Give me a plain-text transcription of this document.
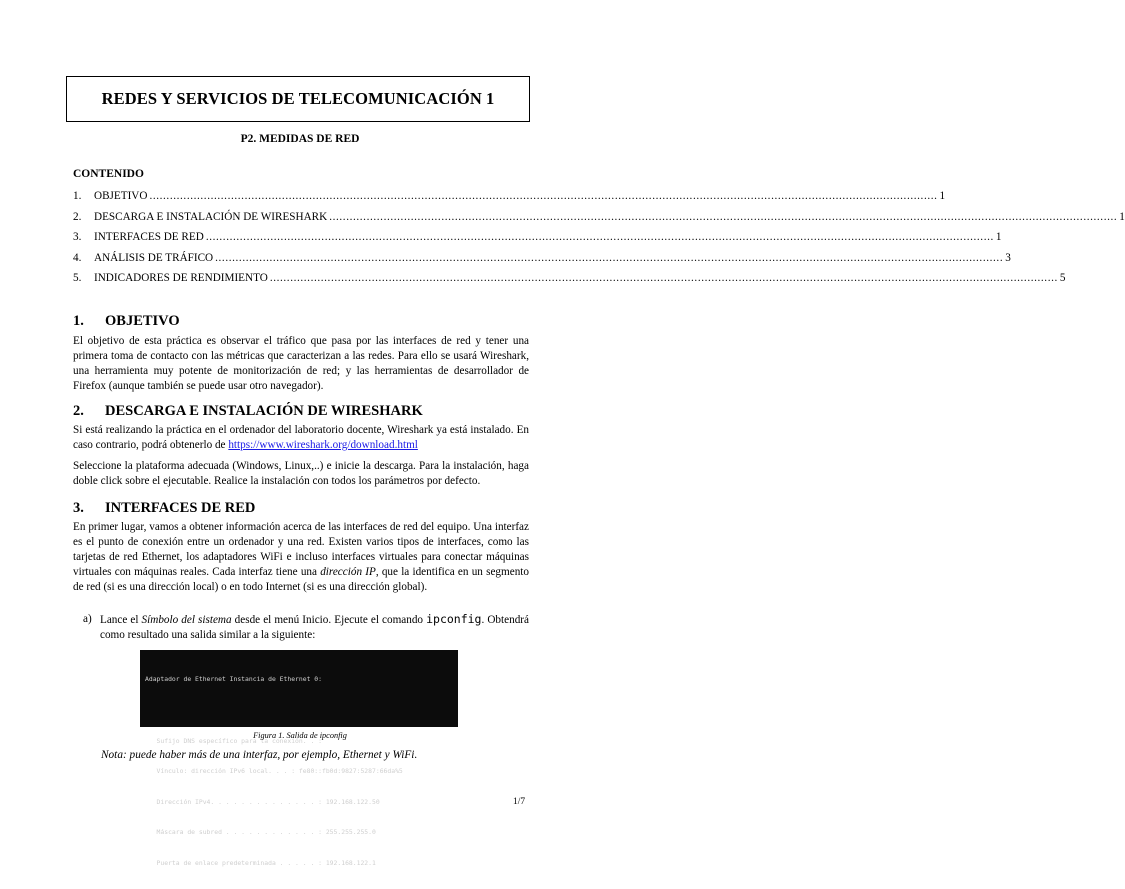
REDES Y SERVICIOS DE TELECOMUNICACIÓN 1
P2. MEDIDAS DE RED
CONTENIDO
1.	OBJETIVO .....	1
2.	DESCARGA E INSTALACIÓN DE WIRESHARK .....	1
3.	INTERFACES DE RED .....	1
4.	ANÁLISIS DE TRÁFICO .....	3
5.	INDICADORES DE RENDIMIENTO .....	5
1.	OBJETIVO

El objetivo de esta práctica es observar el tráfico que pasa por las interfaces de red y tener una primera toma de contacto con las métricas que caracterizan a las redes. Para ello se usará Wireshark, una herramienta muy potente de monitorización de red; y las herramientas de desarrollador de Firefox (aunque también se puede usar otro navegador).

2.	DESCARGA E INSTALACIÓN DE WIRESHARK

Si está realizando la práctica en el ordenador del laboratorio docente, Wireshark ya está instalado. En caso contrario, podrá obtenerlo de https://www.wireshark.org/download.html

Seleccione la plataforma adecuada (Windows, Linux,..) e inicie la descarga. Para la instalación, haga doble click sobre el ejecutable. Realice la instalación con todos los parámetros por defecto.

3.	INTERFACES DE RED

En primer lugar, vamos a obtener información acerca de las interfaces de red del equipo. Una interfaz es el punto de conexión entre un ordenador y una red. Existen varios tipos de interfaces, como las tarjetas de red Ethernet, los adaptadores WiFi e incluso interfaces virtuales para conectar máquinas virtuales con máquinas reales. Cada interfaz tiene una dirección IP, que la identifica en un segmento de red (si es una dirección local) o en todo Internet (si es una dirección global).

a) Lance el Símbolo del sistema desde el menú Inicio. Ejecute el comando ipconfig. Obtendrá como resultado una salida similar a la siguiente:

Adaptador de Ethernet Instancia de Ethernet 0:

Sufijo DNS específico para la conexión. . :

Vínculo: dirección IPv6 local. . . : fe80::fb0d:9827:5287:66da%5

Dirección IPv4. . . . . . . . . . . . . . : 192.168.122.50

Máscara de subred . . . . . . . . . . . . : 255.255.255.0

Puerta de enlace predeterminada . . . . . : 192.168.122.1

Figura 1. Salida de ipconfig
Nota: puede haber más de una interfaz, por ejemplo, Ethernet y WiFi.
1/7
